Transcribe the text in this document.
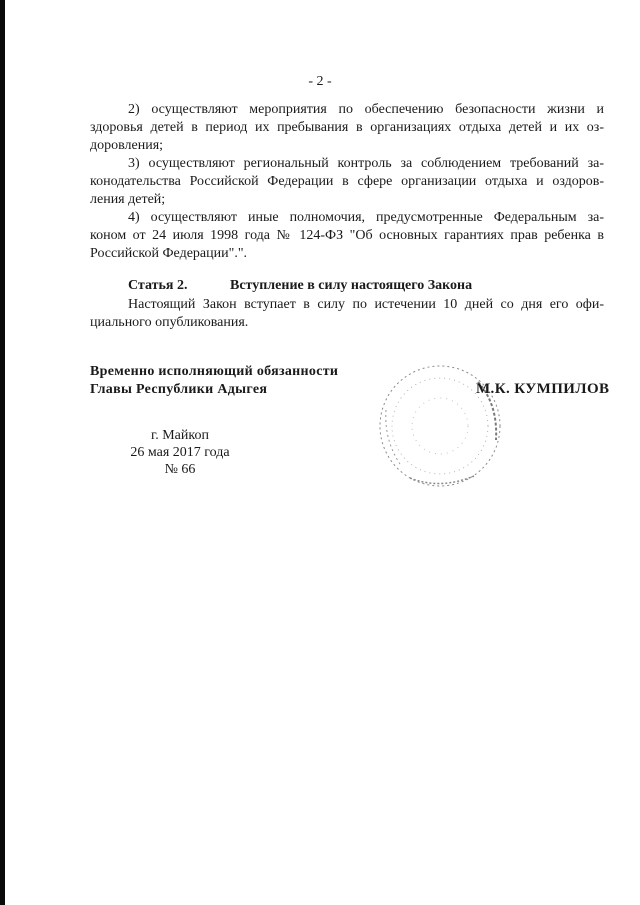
- 2 -
2) осуществляют мероприятия по обеспечению безопасности жизни и
здоровья детей в период их пребывания в организациях отдыха детей и их оз-
доровления;
3) осуществляют региональный контроль за соблюдением требований за-
конодательства Российской Федерации в сфере организации отдыха и оздоров-
ления детей;
4) осуществляют иные полномочия, предусмотренные Федеральным за-
коном от 24 июля 1998 года № 124-ФЗ "Об основных гарантиях прав ребенка в
Российской Федерации".".
Статья 2.	Вступление в силу настоящего Закона
Настоящий Закон вступает в силу по истечении 10 дней со дня его офи-
циального опубликования.
Временно исполняющий обязанности
Главы Республики Адыгея	М.К. КУМПИЛОВ
г. Майкоп
26 мая 2017 года
№ 66
